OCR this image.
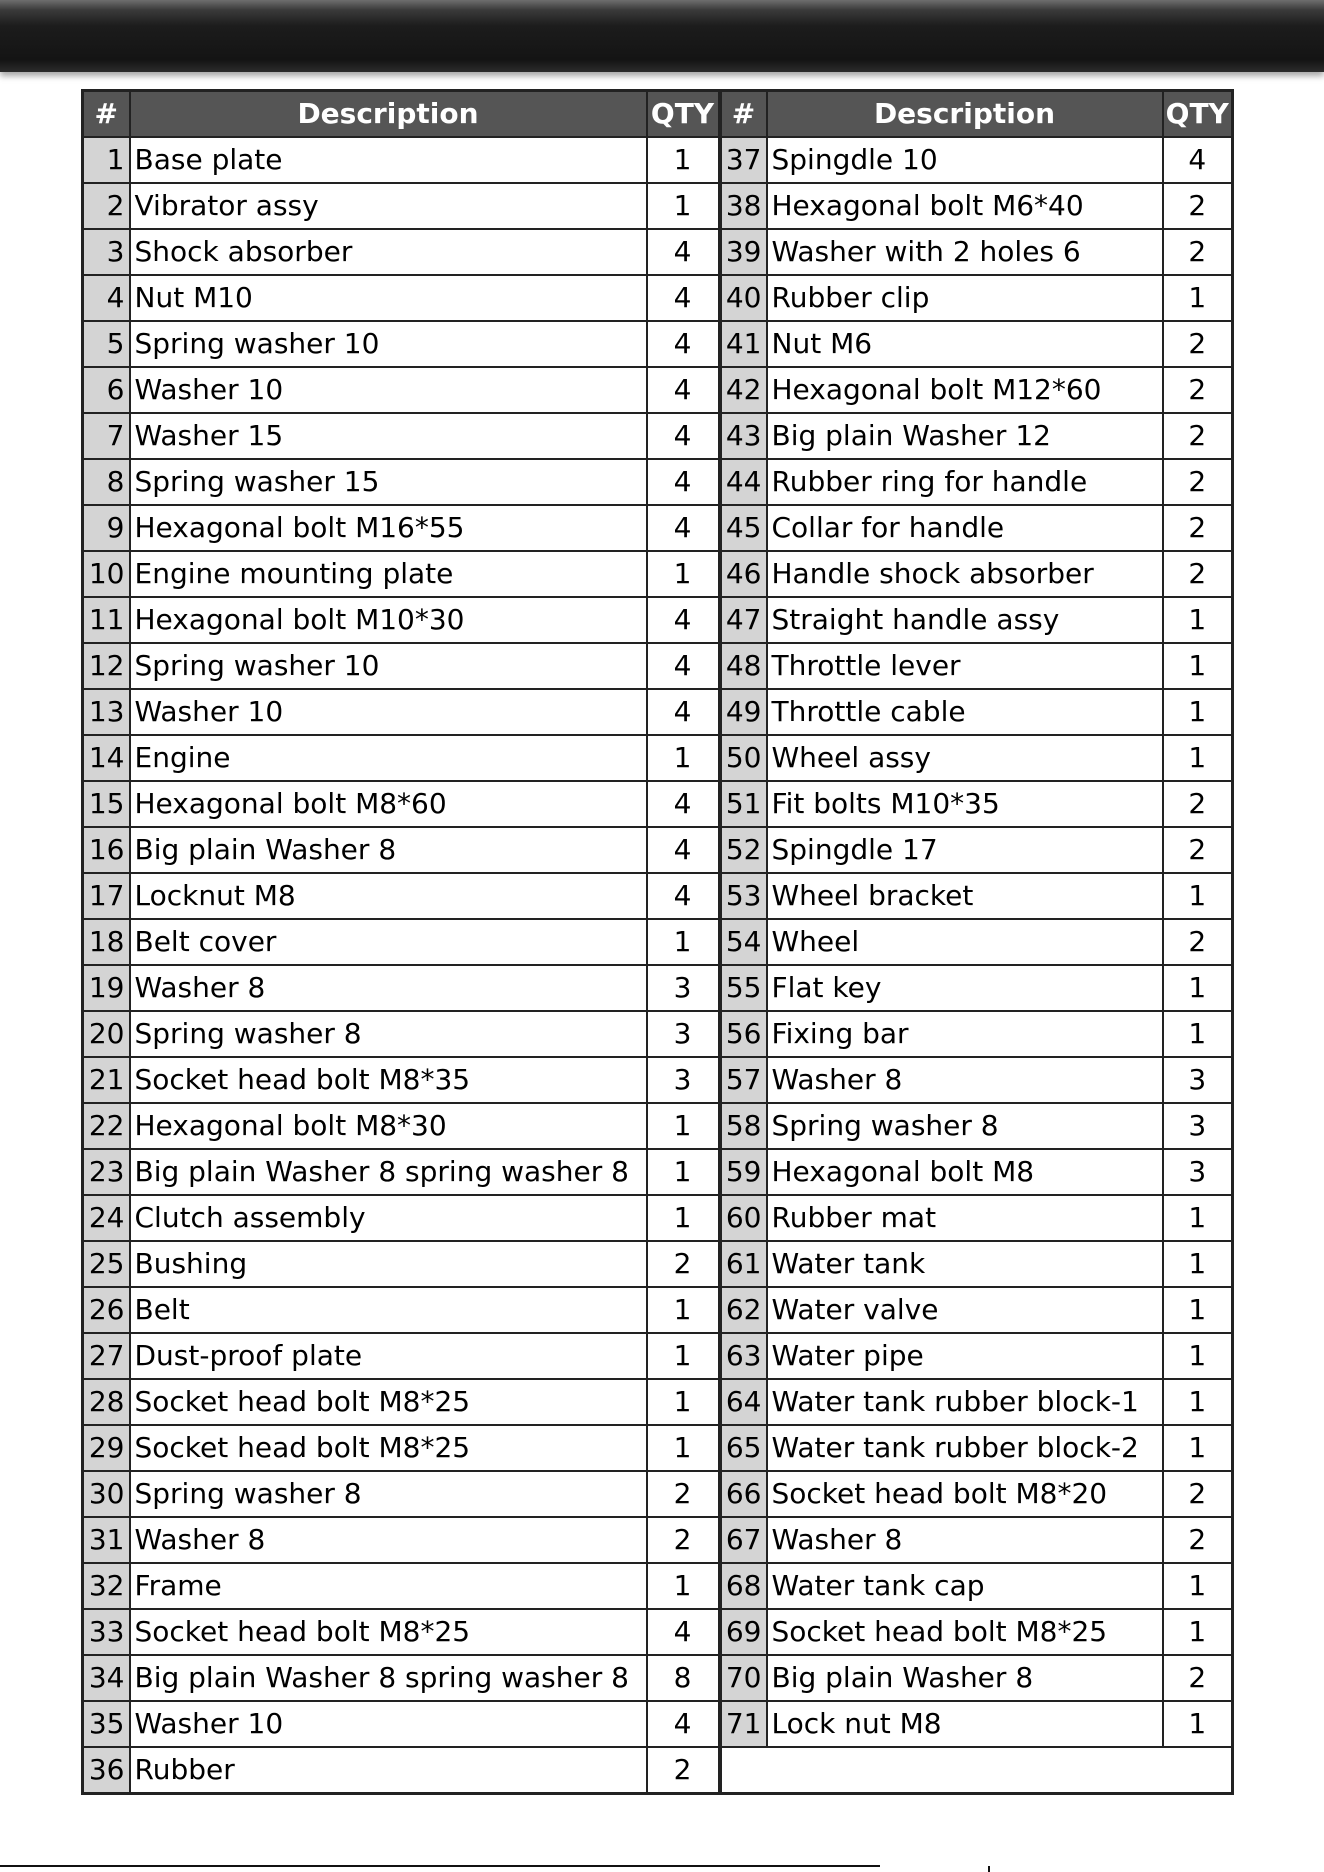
#	Description	QTY	#	Description	QTY
1	Base plate	1	37	Spingdle 10	4
2	Vibrator assy	1	38	Hexagonal bolt M6*40	2
3	Shock absorber	4	39	Washer with 2 holes 6	2
4	Nut M10	4	40	Rubber clip	1
5	Spring washer 10	4	41	Nut M6	2
6	Washer 10	4	42	Hexagonal bolt M12*60	2
7	Washer 15	4	43	Big plain Washer 12	2
8	Spring washer 15	4	44	Rubber ring for handle	2
9	Hexagonal bolt M16*55	4	45	Collar for handle	2
10	Engine mounting plate	1	46	Handle shock absorber	2
11	Hexagonal bolt M10*30	4	47	Straight handle assy	1
12	Spring washer 10	4	48	Throttle lever	1
13	Washer 10	4	49	Throttle cable	1
14	Engine	1	50	Wheel assy	1
15	Hexagonal bolt M8*60	4	51	Fit bolts M10*35	2
16	Big plain Washer 8	4	52	Spingdle 17	2
17	Locknut M8	4	53	Wheel bracket	1
18	Belt cover	1	54	Wheel	2
19	Washer 8	3	55	Flat key	1
20	Spring washer 8	3	56	Fixing bar	1
21	Socket head bolt M8*35	3	57	Washer 8	3
22	Hexagonal bolt M8*30	1	58	Spring washer 8	3
23	Big plain Washer 8 spring washer 8	1	59	Hexagonal bolt M8	3
24	Clutch assembly	1	60	Rubber mat	1
25	Bushing	2	61	Water tank	1
26	Belt	1	62	Water valve	1
27	Dust-proof plate	1	63	Water pipe	1
28	Socket head bolt M8*25	1	64	Water tank rubber block-1	1
29	Socket head bolt M8*25	1	65	Water tank rubber block-2	1
30	Spring washer 8	2	66	Socket head bolt M8*20	2
31	Washer 8	2	67	Washer 8	2
32	Frame	1	68	Water tank cap	1
33	Socket head bolt M8*25	4	69	Socket head bolt M8*25	1
34	Big plain Washer 8 spring washer 8	8	70	Big plain Washer 8	2
35	Washer 10	4	71	Lock nut M8	1
36	Rubber	2			
